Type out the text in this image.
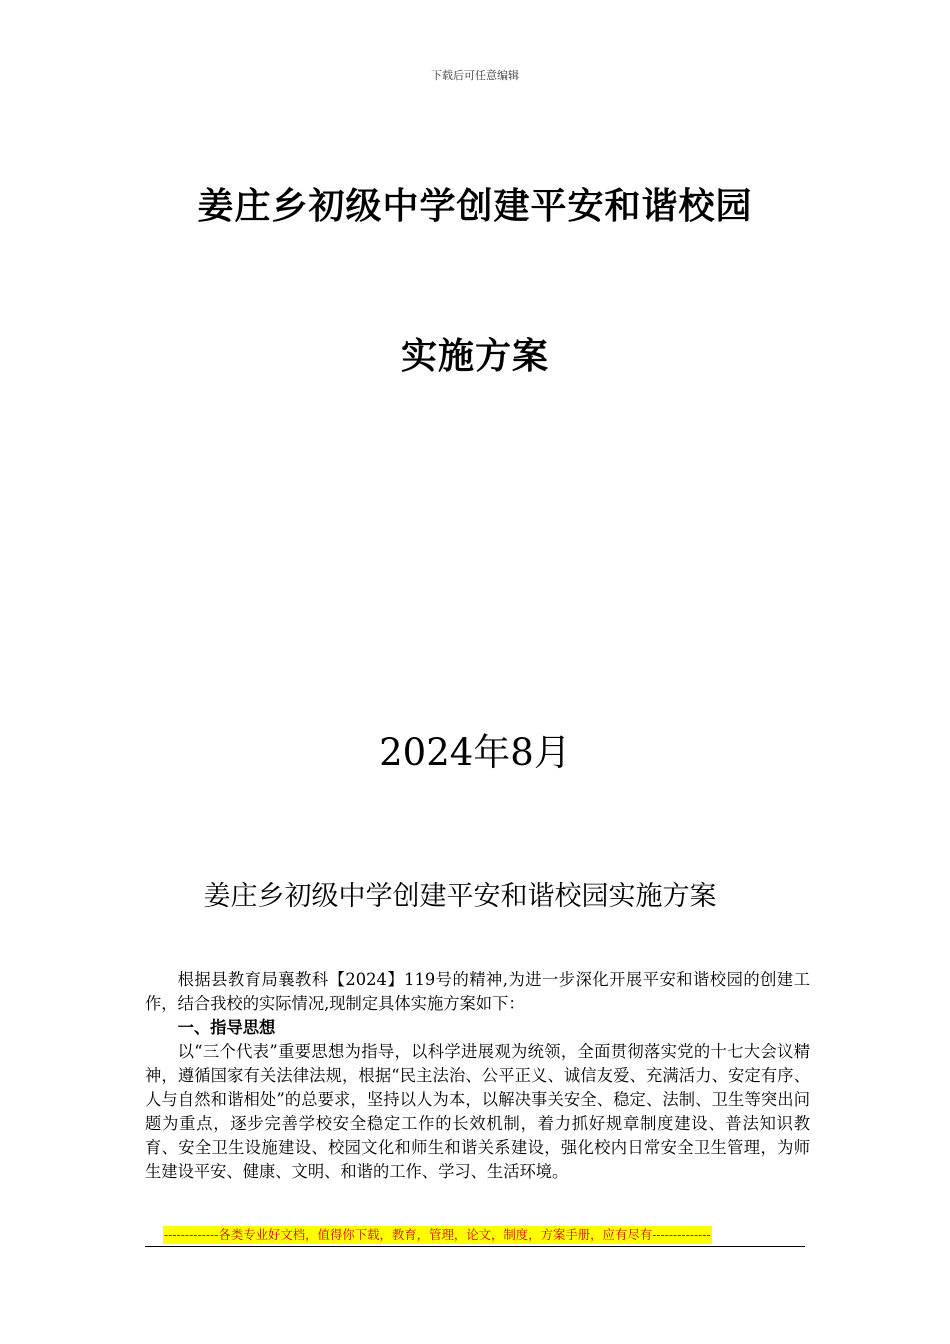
下载后可任意编辑
姜庄乡初级中学创建平安和谐校园
实施方案
2024年8月
姜庄乡初级中学创建平安和谐校园实施方案

根据县教育局襄教科【2024】119号的精神,为进一步深化开展平安和谐校园的创建工作，结合我校的实际情况,现制定具体实施方案如下：

一、指导思想

以“三个代表”重要思想为指导，以科学进展观为统领，全面贯彻落实党的十七大会议精神，遵循国家有关法律法规，根据“民主法治、公平正义、诚信友爱、充满活力、安定有序、人与自然和谐相处”的总要求，坚持以人为本，以解决事关安全、稳定、法制、卫生等突出问题为重点，逐步完善学校安全稳定工作的长效机制，着力抓好规章制度建设、普法知识教育、安全卫生设施建设、校园文化和师生和谐关系建设，强化校内日常安全卫生管理，为师生建设平安、健康、文明、和谐的工作、学习、生活环境。

-------------各类专业好文档，值得你下载，教育，管理，论文，制度，方案手册，应有尽有--------------
